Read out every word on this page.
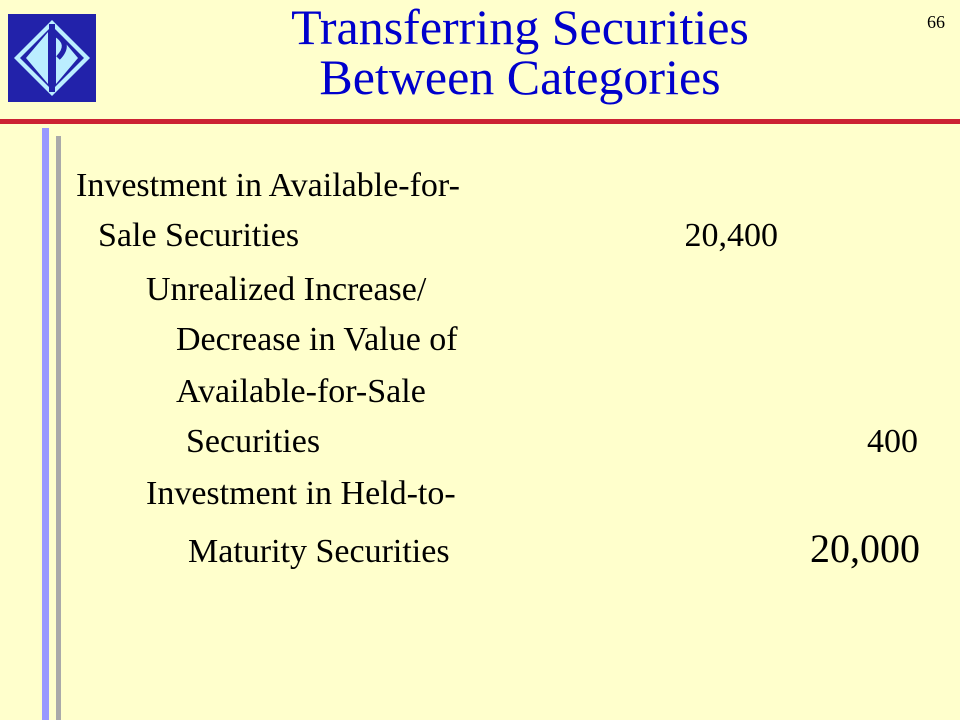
Transferring Securities
Between Categories
66
Investment in Available-for-
Sale Securities	20,400
Unrealized Increase/
Decrease in Value of
Available-for-Sale
Securities	400
Investment in Held-to-
Maturity Securities	20,000
